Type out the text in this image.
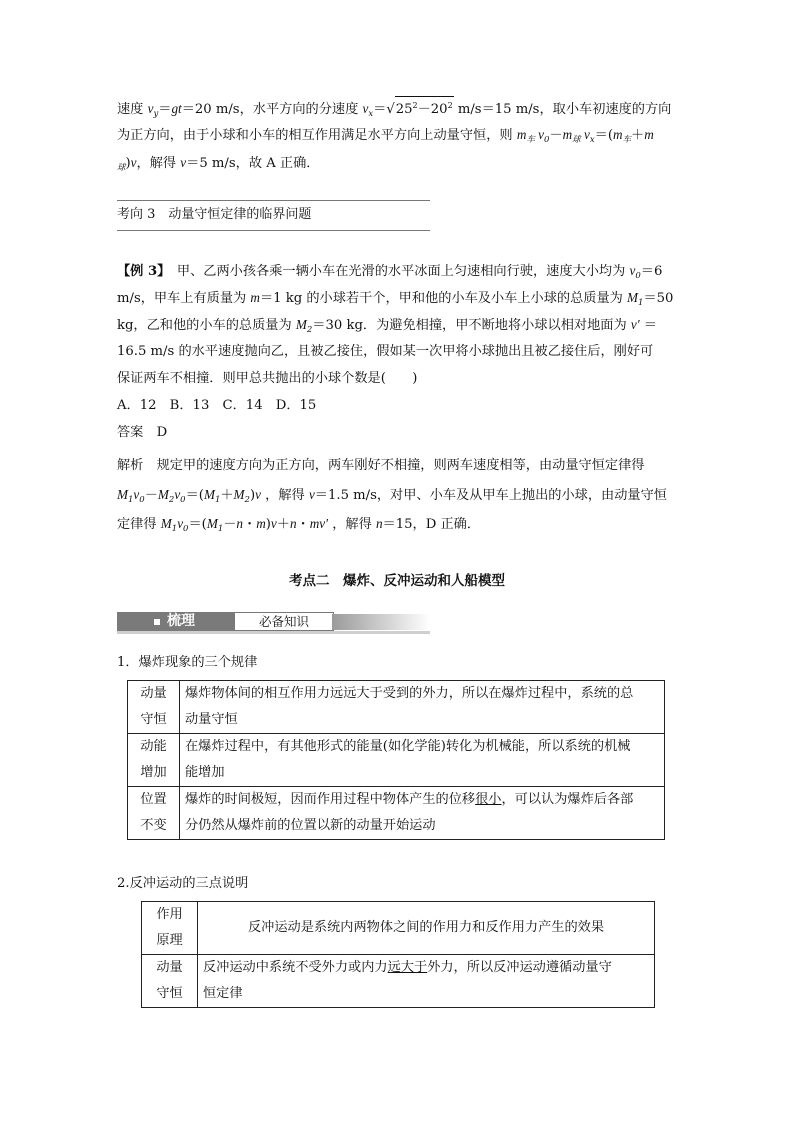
速度 $v_y=gt=20$ m/s，水平方向的分速度 $v_x=√25^2-20^2$ m/s＝15 m/s，取小车初速度的方向
为正方向，由于小球和小车的相互作用满足水平方向上动量守恒，则 $m_车$ $v_0-m_球$ $v_x=(m_车+m$
$_球$)v，解得 v＝5 m/s，故 A 正确．
考向 3　 动量守恒定律的临界问题
【例 3】　 甲、乙两小孩各乘一辆小车在光滑的水平冰面上匀速相向行驶，速度大小均为 $v_0=6$
m/s，甲车上有质量为 m＝1 kg 的小球若干个，甲和他的小车及小车上小球的总质量为 $M_1=50$
kg，乙和他的小车的总质量为 $M_2=30$ kg．为避免相撞，甲不断地将小球以相对地面为 v′ ＝
16.5 m/s 的水平速度抛向乙，且被乙接住，假如某一次甲将小球抛出且被乙接住后，刚好可
保证两车不相撞．则甲总共抛出的小球个数是(　　)
A．12　B．13　C．14　D．15
答案　 D
解析　 规定甲的速度方向为正方向，两车刚好不相撞，则两车速度相等，由动量守恒定律得
$M_1v_0-M_2v_0=(M_1+M_2)v$ ，解得 v＝1.5 m/s，对甲、小车及从甲车上抛出的小球，由动量守恒
定律得 $M_1v_0=(M_1-n$・m)v＋n・mv′ ，解得 n＝15，D 正确．
考点二　爆炸、反冲运动和人船模型
梳理	必备知识
1．爆炸现象的三个规律
动量
守恒	爆炸物体间的相互作用力远远大于受到的外力，所以在爆炸过程中，系统的总
动量守恒
动能
增加	在爆炸过程中，有其他形式的能量(如化学能)转化为机械能，所以系统的机械
能增加
位置
不变	爆炸的时间极短，因而作用过程中物体产生的位移很小，可以认为爆炸后各部
分仍然从爆炸前的位置以新的动量开始运动
2.反冲运动的三点说明
作用
原理	反冲运动是系统内两物体之间的作用力和反作用力产生的效果
动量
守恒	反冲运动中系统不受外力或内力远大于外力，所以反冲运动遵循动量守
恒定律
